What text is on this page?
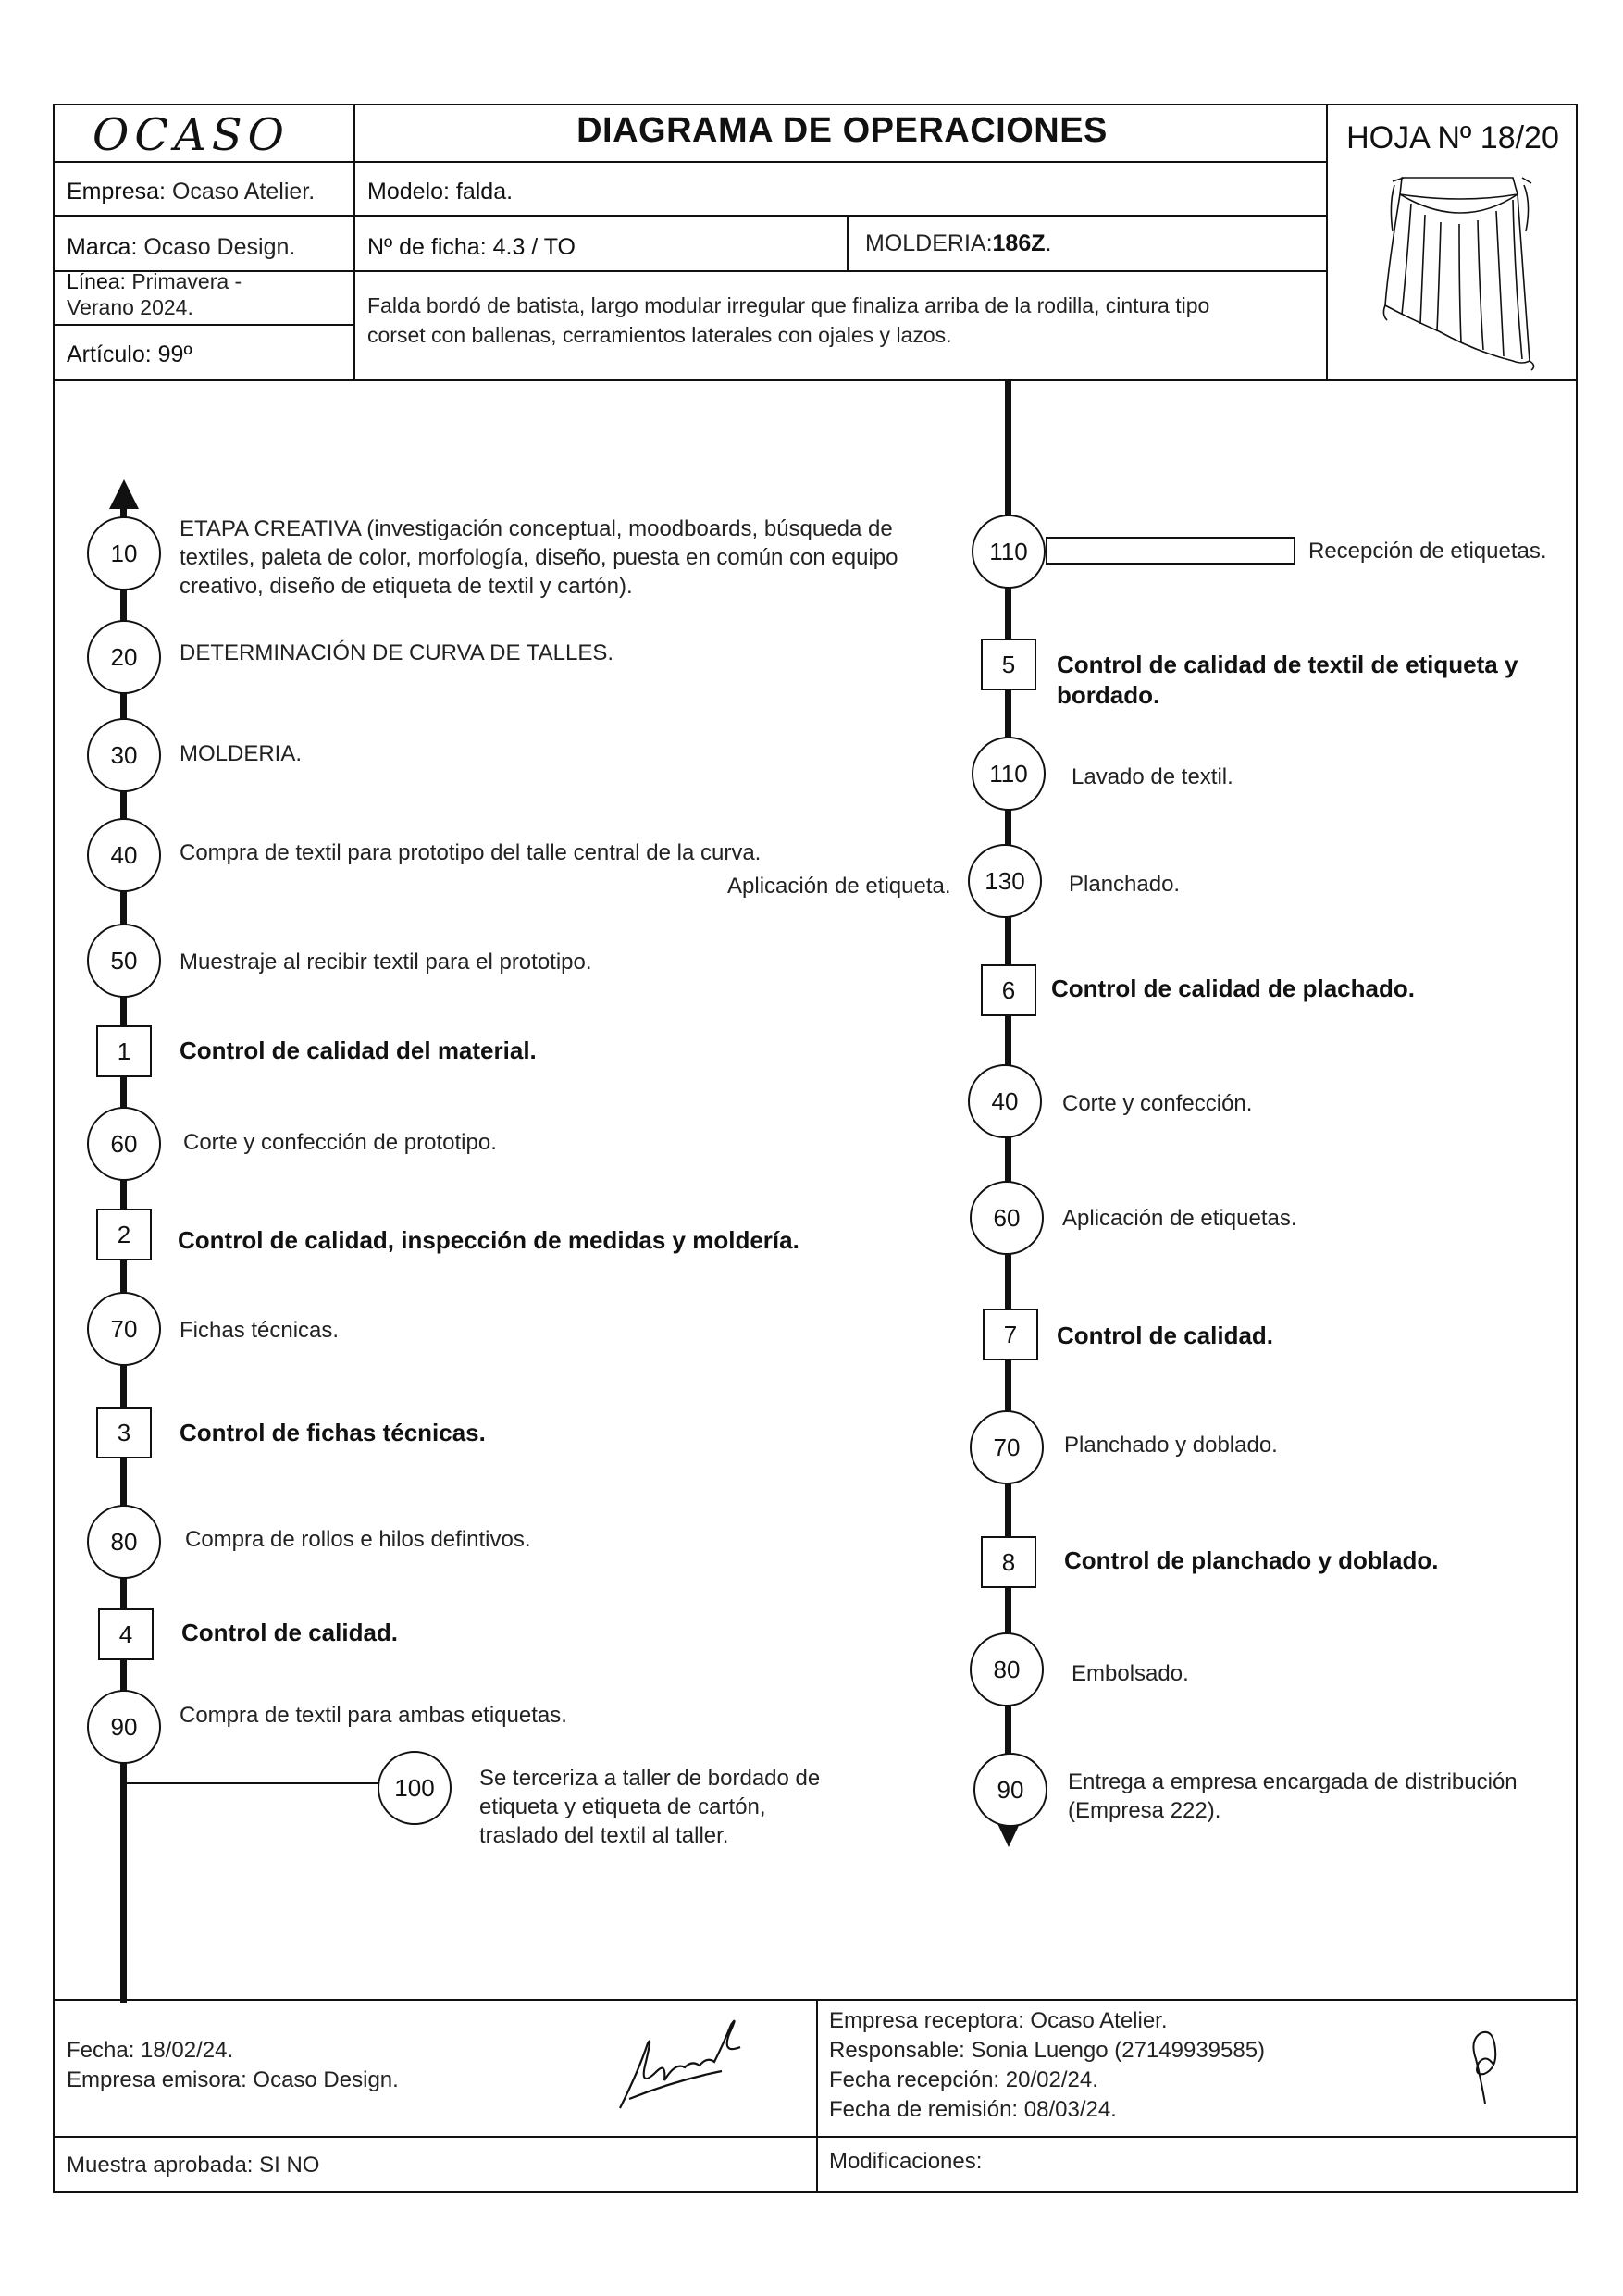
OCASO	DIAGRAMA DE OPERACIONES	HOJA Nº 18/20
Empresa: Ocaso Atelier.
Marca: Ocaso Design.
Línea: Primavera -
Verano 2024.
Artículo: 99º
Modelo: falda.
Nº de ficha: 4.3 / TO	MOLDERIA:186Z.
Falda bordó de batista, largo modular irregular que finaliza arriba de la rodilla, cintura tipo
corset con ballenas, cerramientos laterales con ojales y lazos.
10
ETAPA CREATIVA (investigación conceptual, moodboards, búsqueda de
textiles, paleta de color, morfología, diseño, puesta en común con equipo
creativo, diseño de etiqueta de textil y cartón).
20	DETERMINACIÓN DE CURVA DE TALLES.
30	MOLDERIA.
40	Compra de textil para prototipo del talle central de la curva.
50	Muestraje al recibir textil para el prototipo.
1	Control de calidad del material.
60	Corte y confección de prototipo.
2	Control de calidad, inspección de medidas y moldería.
70	Fichas técnicas.
3	Control de fichas técnicas.
80	Compra de rollos e hilos defintivos.
4	Control de calidad.
90	Compra de textil para ambas etiquetas.
100	Se terceriza a taller de bordado de
etiqueta y etiqueta de cartón,
traslado del textil al taller.
110	Recepción de etiquetas.
5	Control de calidad de textil de etiqueta y
bordado.
110	Lavado de textil.
130	Planchado.
Aplicación de etiqueta.
6	Control de calidad de plachado.
40	Corte y confección.
60	Aplicación de etiquetas.
7	Control de calidad.
70	Planchado y doblado.
8	Control de planchado y doblado.
80	Embolsado.
90	Entrega a empresa encargada de distribución
(Empresa 222).
Fecha: 18/02/24.
Empresa emisora: Ocaso Design.
Empresa receptora: Ocaso Atelier.
Responsable: Sonia Luengo (27149939585)
Fecha recepción: 20/02/24.
Fecha de remisión: 08/03/24.
Muestra aprobada: SI NO	Modificaciones:
